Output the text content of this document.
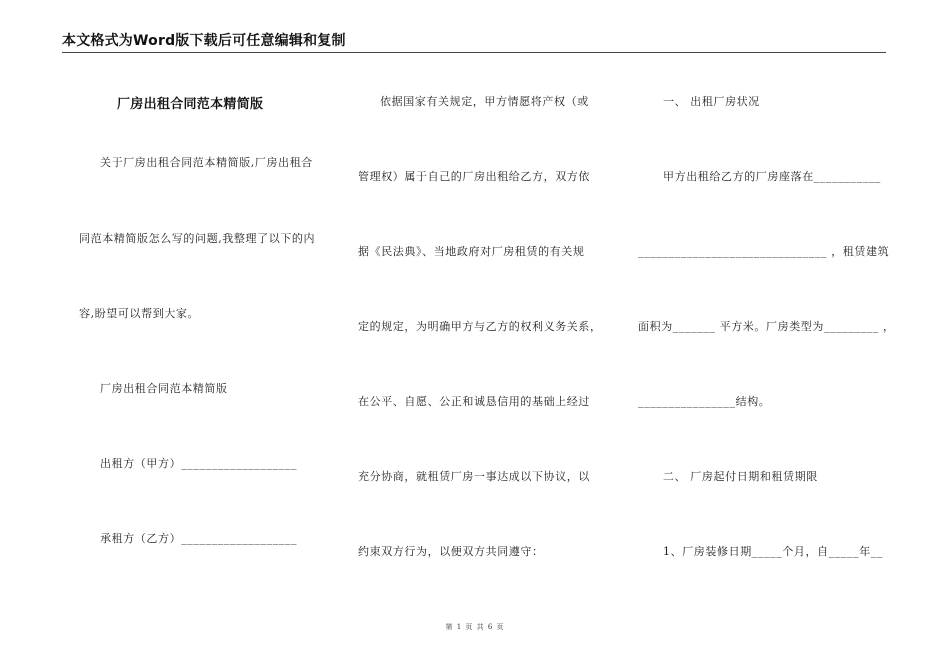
本文格式为Word版下载后可任意编辑和复制
厂房出租合同范本精简版
关于厂房出租合同范本精简版,厂房出租合
同范本精简版怎么写的问题,我整理了以下的内
容,盼望可以帮到大家。
厂房出租合同范本精简版
出租方（甲方）___________________
承租方（乙方）___________________
依据国家有关规定，甲方情愿将产权（或
管理权）属于自己的厂房出租给乙方，双方依
据《民法典》、当地政府对厂房租赁的有关规
定的规定，为明确甲方与乙方的权利义务关系，
在公平、自愿、公正和诚恳信用的基础上经过
充分协商，就租赁厂房一事达成以下协议，以
约束双方行为，以便双方共同遵守：
一、 出租厂房状况
甲方出租给乙方的厂房座落在___________
_______________________________ ，租赁建筑
面积为_______ 平方米。厂房类型为_________ ，
________________结构。
二、 厂房起付日期和租赁期限
1、厂房装修日期_____个月，自_____年__
第 1 页 共 6 页
